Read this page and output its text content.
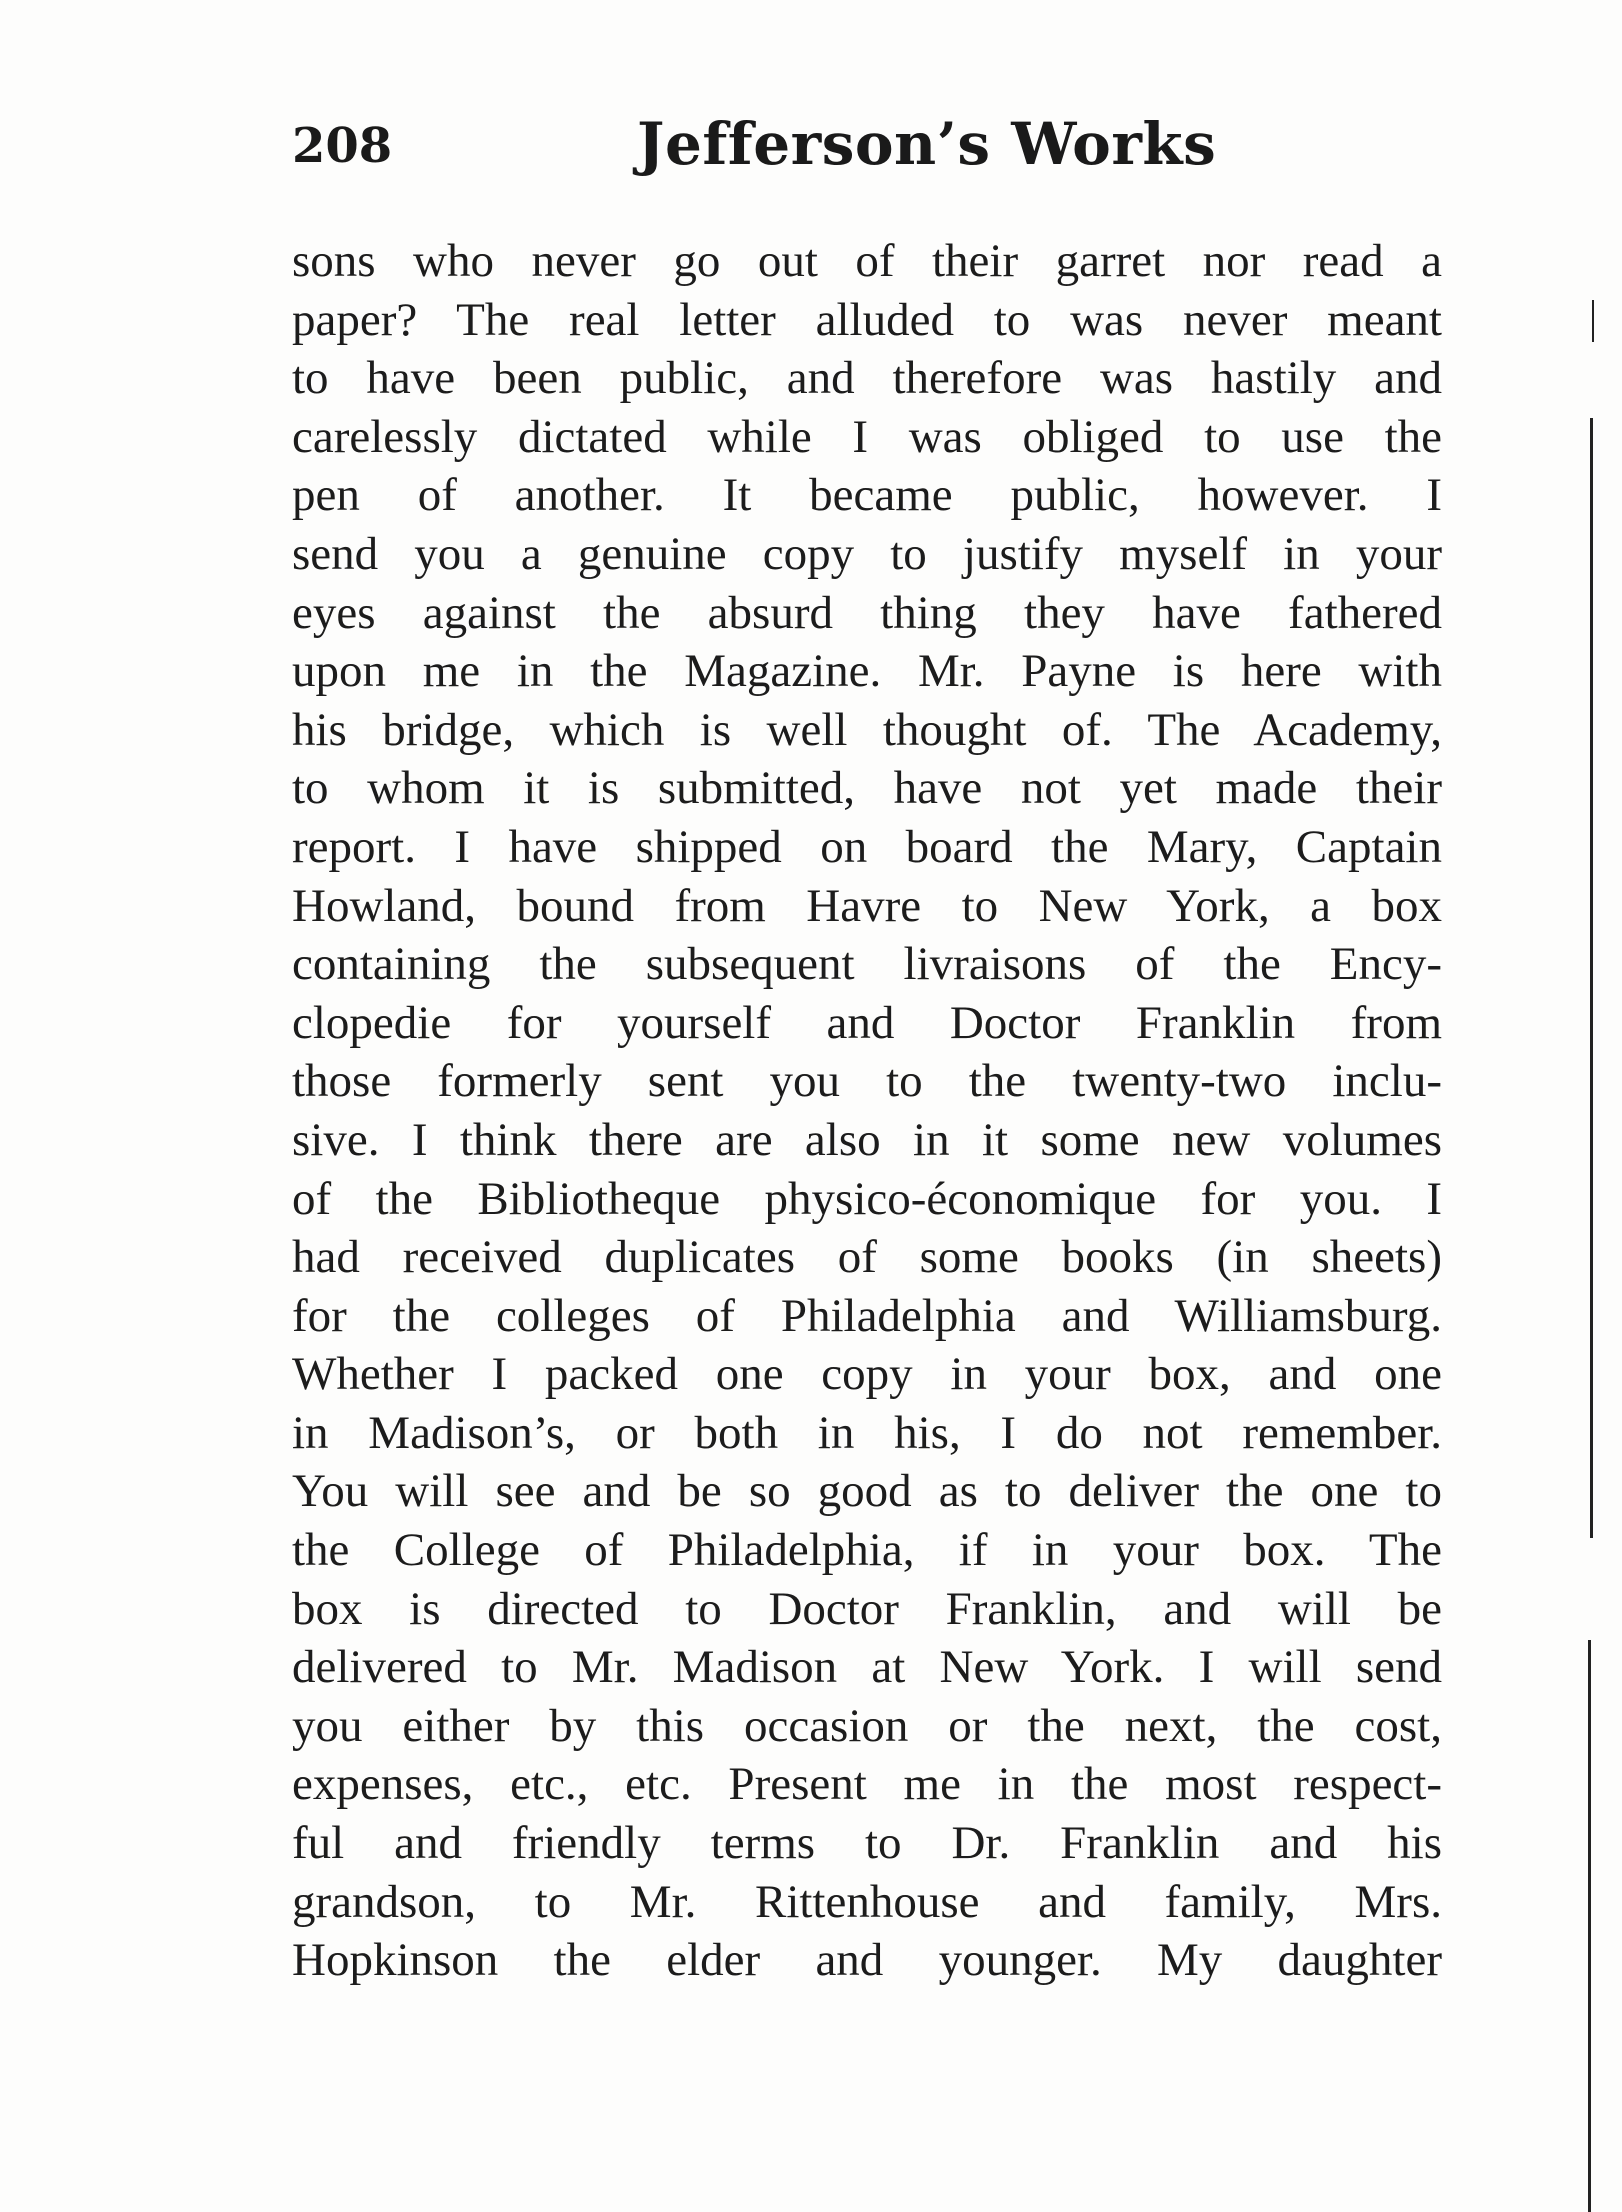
208	Jefferson’s Works
sons who never go out of their garret nor read a
paper? The real letter alluded to was never meant
to have been public, and therefore was hastily and
carelessly dictated while I was obliged to use the
pen of another. It became public, however. I
send you a genuine copy to justify myself in your
eyes against the absurd thing they have fathered
upon me in the Magazine. Mr. Payne is here with
his bridge, which is well thought of. The Academy,
to whom it is submitted, have not yet made their
report. I have shipped on board the Mary, Captain
Howland, bound from Havre to New York, a box
containing the subsequent livraisons of the Ency-
clopedie for yourself and Doctor Franklin from
those formerly sent you to the twenty-two inclu-
sive. I think there are also in it some new volumes
of the Bibliotheque physico-économique for you. I
had received duplicates of some books (in sheets)
for the colleges of Philadelphia and Williamsburg.
Whether I packed one copy in your box, and one
in Madison’s, or both in his, I do not remember.
You will see and be so good as to deliver the one to
the College of Philadelphia, if in your box. The
box is directed to Doctor Franklin, and will be
delivered to Mr. Madison at New York. I will send
you either by this occasion or the next, the cost,
expenses, etc., etc. Present me in the most respect-
ful and friendly terms to Dr. Franklin and his
grandson, to Mr. Rittenhouse and family, Mrs.
Hopkinson the elder and younger. My daughter
